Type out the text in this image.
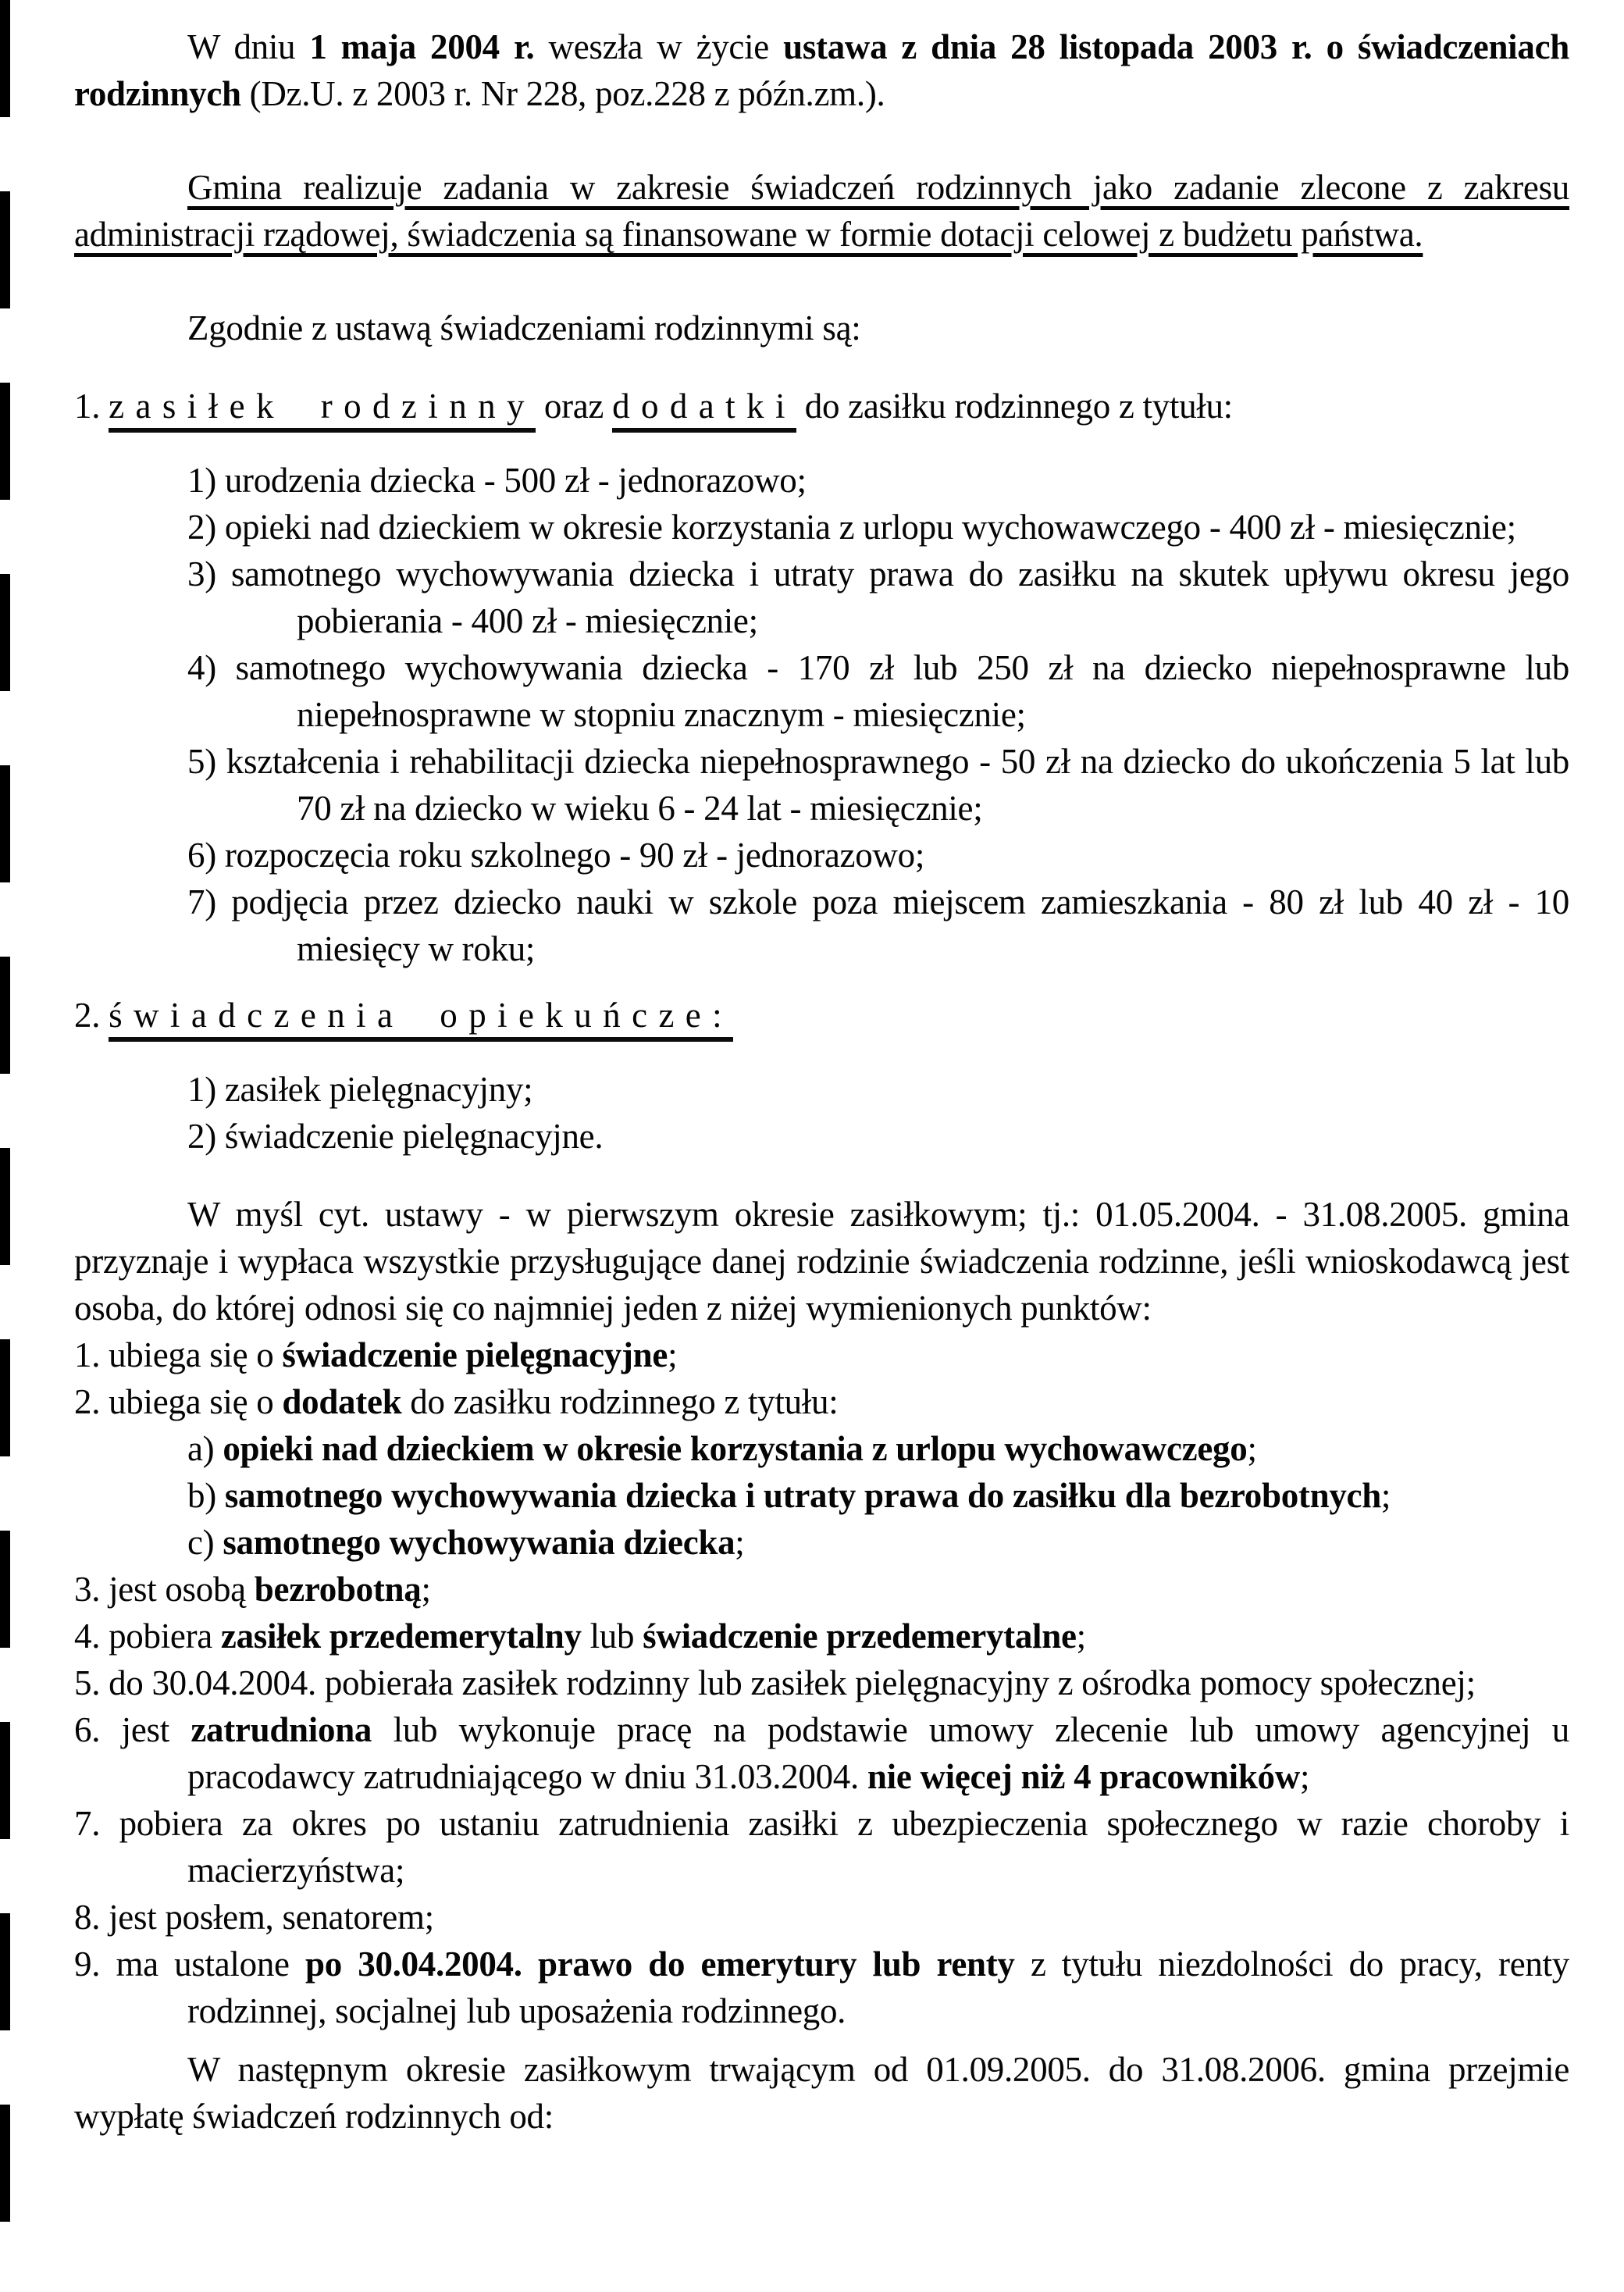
W dniu 1 maja 2004 r. weszła w życie ustawa z dnia 28 listopada 2003 r. o świadczeniach rodzinnych (Dz.U. z 2003 r. Nr 228, poz.228 z późn.zm.).

Gmina realizuje zadania w zakresie świadczeń rodzinnych jako zadanie zlecone z zakresu administracji rządowej, świadczenia są finansowane w formie dotacji celowej z budżetu państwa.

Zgodnie z ustawą świadczeniami rodzinnymi są:

1. zasiłek rodzinny oraz dodatki do zasiłku rodzinnego z tytułu:

1) urodzenia dziecka - 500 zł - jednorazowo;

2) opieki nad dzieckiem w okresie korzystania z urlopu wychowawczego - 400 zł - miesięcznie;

3) samotnego wychowywania dziecka i utraty prawa do zasiłku na skutek upływu okresu jego pobierania - 400 zł - miesięcznie;

4) samotnego wychowywania dziecka - 170 zł lub 250 zł na dziecko niepełnosprawne lub niepełnosprawne w stopniu znacznym - miesięcznie;

5) kształcenia i rehabilitacji dziecka niepełnosprawnego - 50 zł na dziecko do ukończenia 5 lat lub 70 zł na dziecko w wieku 6 - 24 lat - miesięcznie;

6) rozpoczęcia roku szkolnego - 90 zł - jednorazowo;

7) podjęcia przez dziecko nauki w szkole poza miejscem zamieszkania - 80 zł lub 40 zł - 10 miesięcy w roku;

2. świadczenia opiekuńcze:

1) zasiłek pielęgnacyjny;

2) świadczenie pielęgnacyjne.

W myśl cyt. ustawy - w pierwszym okresie zasiłkowym; tj.: 01.05.2004. - 31.08.2005. gmina przyznaje i wypłaca wszystkie przysługujące danej rodzinie świadczenia rodzinne, jeśli wnioskodawcą jest osoba, do której odnosi się co najmniej jeden z niżej wymienionych punktów:

1. ubiega się o świadczenie pielęgnacyjne;

2. ubiega się o dodatek do zasiłku rodzinnego z tytułu:

a) opieki nad dzieckiem w okresie korzystania z urlopu wychowawczego;

b) samotnego wychowywania dziecka i utraty prawa do zasiłku dla bezrobotnych;

c) samotnego wychowywania dziecka;

3. jest osobą bezrobotną;

4. pobiera zasiłek przedemerytalny lub świadczenie przedemerytalne;

5. do 30.04.2004. pobierała zasiłek rodzinny lub zasiłek pielęgnacyjny z ośrodka pomocy społecznej;

6. jest zatrudniona lub wykonuje pracę na podstawie umowy zlecenie lub umowy agencyjnej u pracodawcy zatrudniającego w dniu 31.03.2004. nie więcej niż 4 pracowników;

7. pobiera za okres po ustaniu zatrudnienia zasiłki z ubezpieczenia społecznego w razie choroby i macierzyństwa;

8. jest posłem, senatorem;

9. ma ustalone po 30.04.2004. prawo do emerytury lub renty z tytułu niezdolności do pracy, renty rodzinnej, socjalnej lub uposażenia rodzinnego.

W następnym okresie zasiłkowym trwającym od 01.09.2005. do 31.08.2006. gmina przejmie wypłatę świadczeń rodzinnych od:
